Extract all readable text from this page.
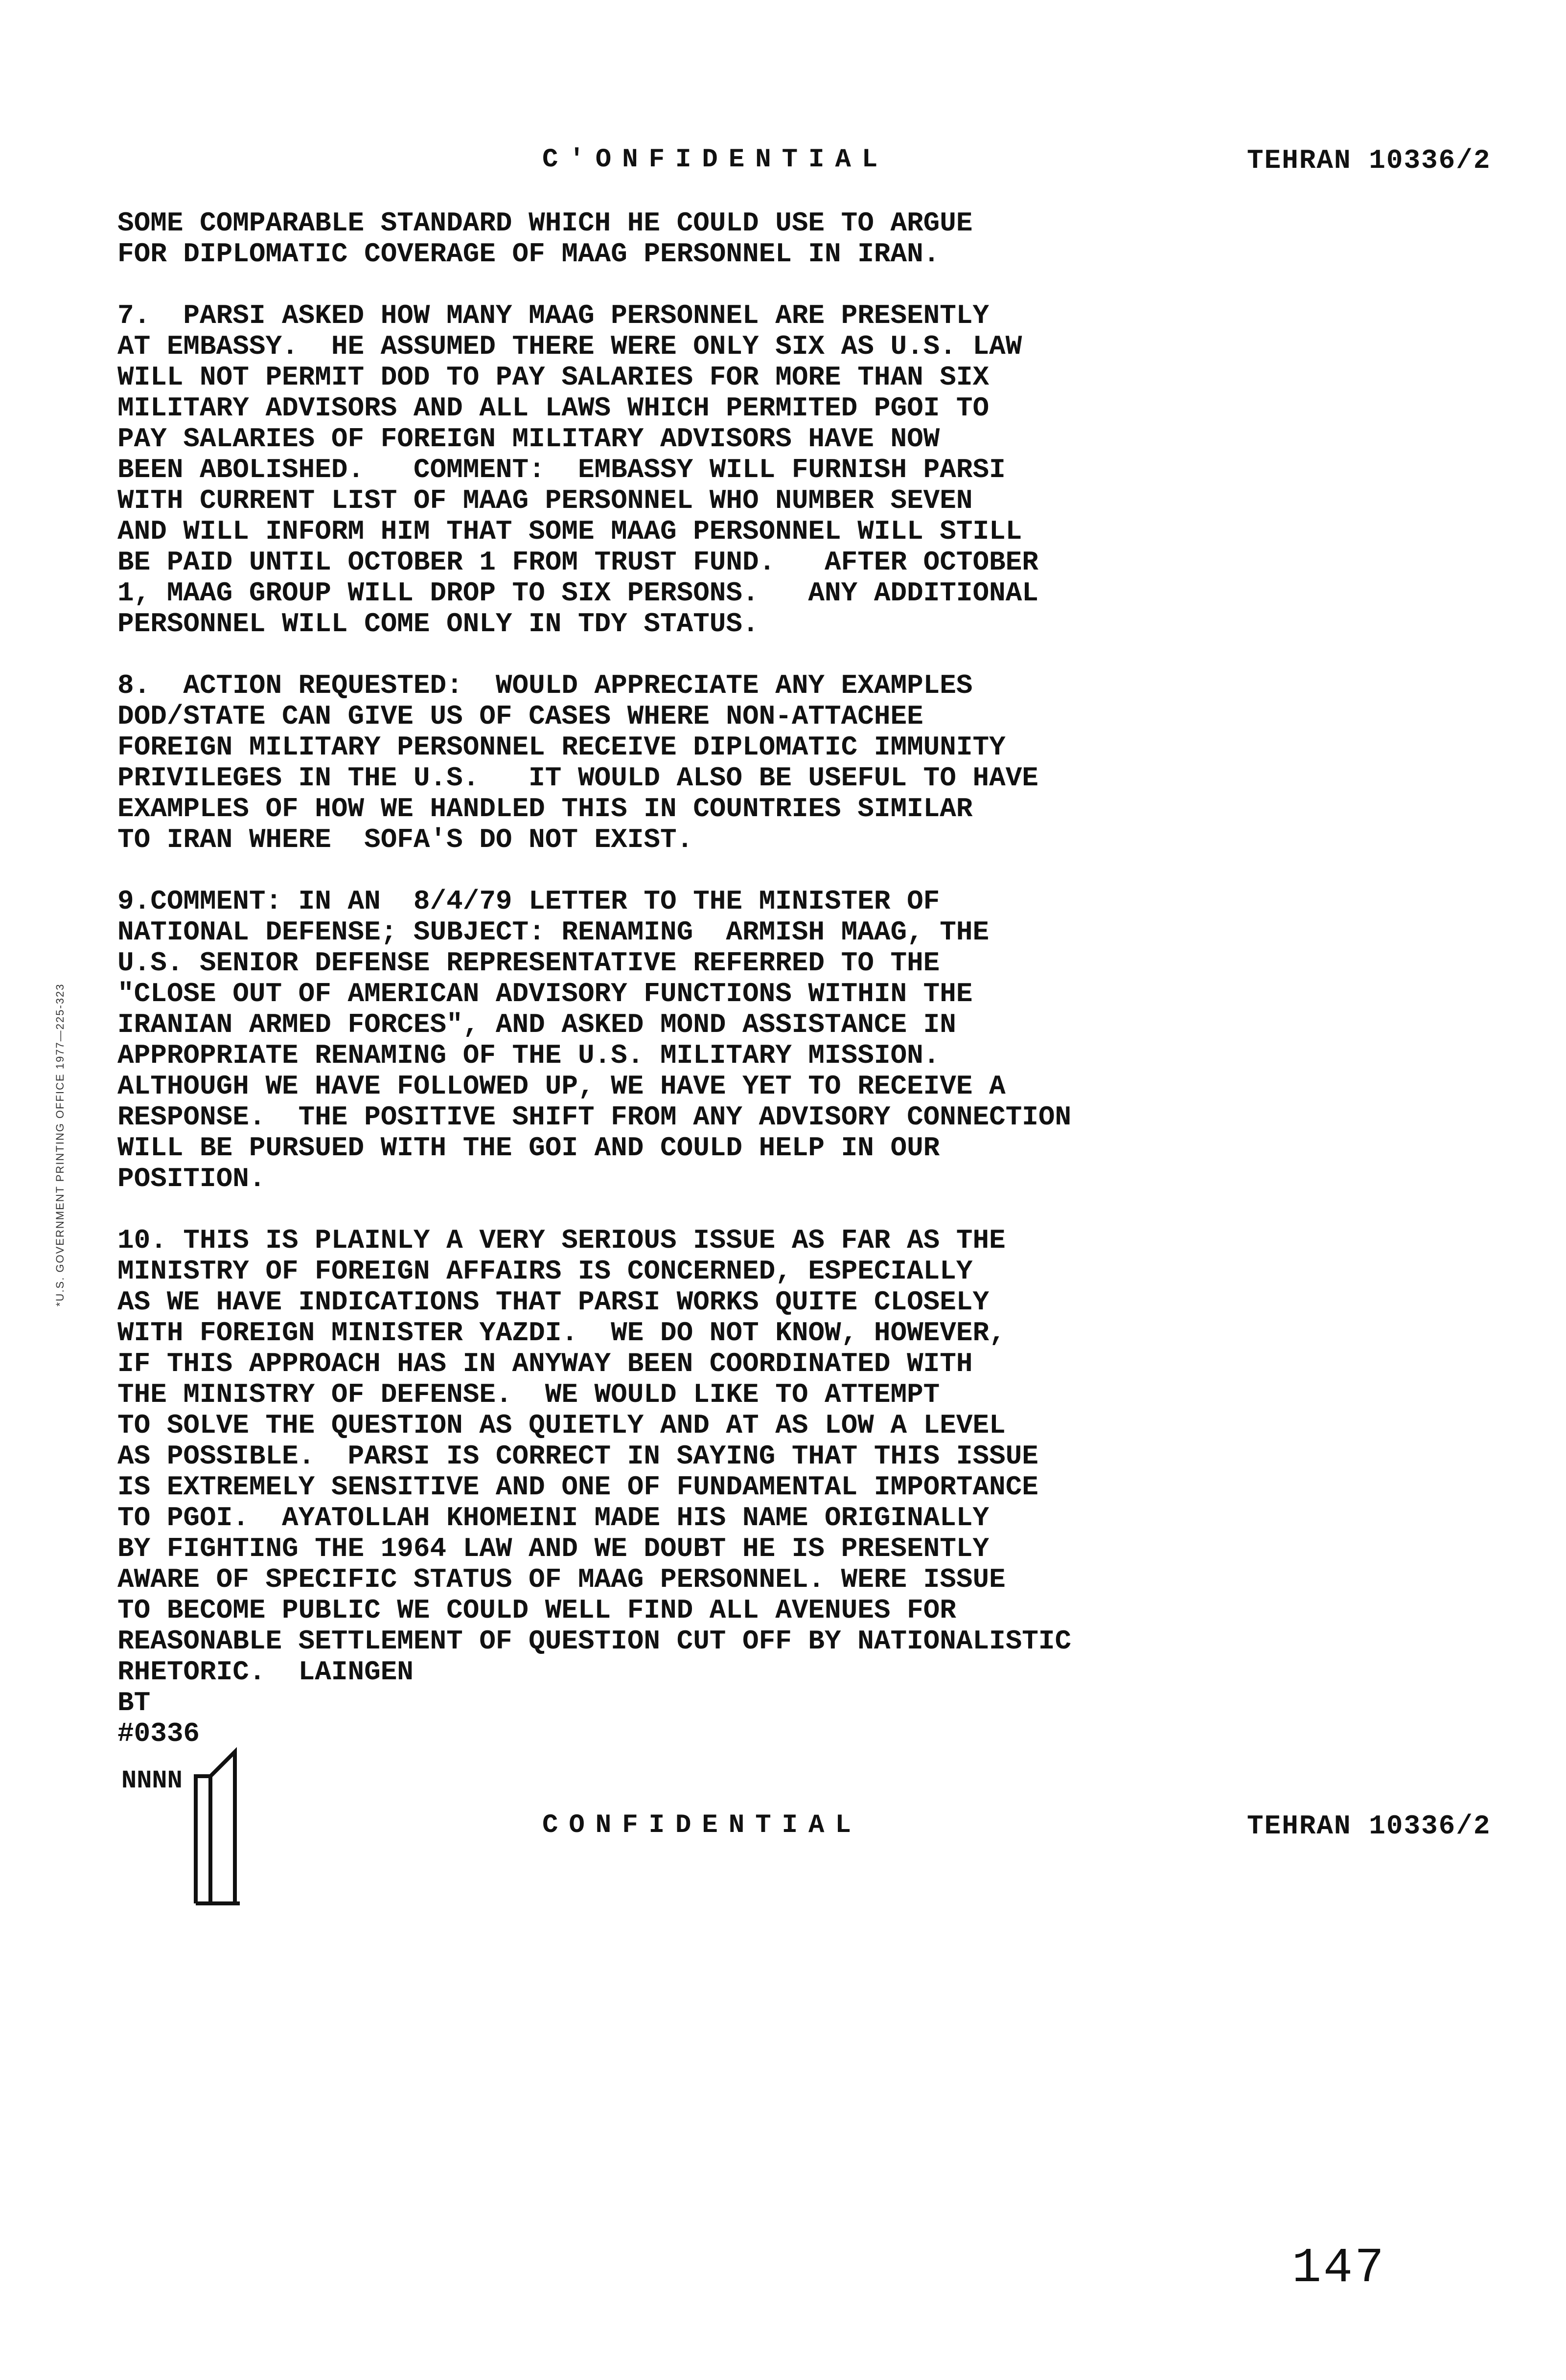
C'ONFIDENTIAL	TEHRAN 10336/2
SOME COMPARABLE STANDARD WHICH HE COULD USE TO ARGUE
FOR DIPLOMATIC COVERAGE OF MAAG PERSONNEL IN IRAN.
7.  PARSI ASKED HOW MANY MAAG PERSONNEL ARE PRESENTLY
AT EMBASSY.  HE ASSUMED THERE WERE ONLY SIX AS U.S. LAW
WILL NOT PERMIT DOD TO PAY SALARIES FOR MORE THAN SIX
MILITARY ADVISORS AND ALL LAWS WHICH PERMITED PGOI TO
PAY SALARIES OF FOREIGN MILITARY ADVISORS HAVE NOW
BEEN ABOLISHED.   COMMENT:  EMBASSY WILL FURNISH PARSI
WITH CURRENT LIST OF MAAG PERSONNEL WHO NUMBER SEVEN
AND WILL INFORM HIM THAT SOME MAAG PERSONNEL WILL STILL
BE PAID UNTIL OCTOBER 1 FROM TRUST FUND.   AFTER OCTOBER
1, MAAG GROUP WILL DROP TO SIX PERSONS.   ANY ADDITIONAL
PERSONNEL WILL COME ONLY IN TDY STATUS.
8.  ACTION REQUESTED:  WOULD APPRECIATE ANY EXAMPLES
DOD/STATE CAN GIVE US OF CASES WHERE NON-ATTACHEE
FOREIGN MILITARY PERSONNEL RECEIVE DIPLOMATIC IMMUNITY
PRIVILEGES IN THE U.S.   IT WOULD ALSO BE USEFUL TO HAVE
EXAMPLES OF HOW WE HANDLED THIS IN COUNTRIES SIMILAR
TO IRAN WHERE  SOFA'S DO NOT EXIST.
9.COMMENT: IN AN  8/4/79 LETTER TO THE MINISTER OF
NATIONAL DEFENSE; SUBJECT: RENAMING  ARMISH MAAG, THE
U.S. SENIOR DEFENSE REPRESENTATIVE REFERRED TO THE
"CLOSE OUT OF AMERICAN ADVISORY FUNCTIONS WITHIN THE
IRANIAN ARMED FORCES", AND ASKED MOND ASSISTANCE IN
APPROPRIATE RENAMING OF THE U.S. MILITARY MISSION.
ALTHOUGH WE HAVE FOLLOWED UP, WE HAVE YET TO RECEIVE A
RESPONSE.  THE POSITIVE SHIFT FROM ANY ADVISORY CONNECTION
WILL BE PURSUED WITH THE GOI AND COULD HELP IN OUR
POSITION.
10. THIS IS PLAINLY A VERY SERIOUS ISSUE AS FAR AS THE
MINISTRY OF FOREIGN AFFAIRS IS CONCERNED, ESPECIALLY
AS WE HAVE INDICATIONS THAT PARSI WORKS QUITE CLOSELY
WITH FOREIGN MINISTER YAZDI.  WE DO NOT KNOW, HOWEVER,
IF THIS APPROACH HAS IN ANYWAY BEEN COORDINATED WITH
THE MINISTRY OF DEFENSE.  WE WOULD LIKE TO ATTEMPT
TO SOLVE THE QUESTION AS QUIETLY AND AT AS LOW A LEVEL
AS POSSIBLE.  PARSI IS CORRECT IN SAYING THAT THIS ISSUE
IS EXTREMELY SENSITIVE AND ONE OF FUNDAMENTAL IMPORTANCE
TO PGOI.  AYATOLLAH KHOMEINI MADE HIS NAME ORIGINALLY
BY FIGHTING THE 1964 LAW AND WE DOUBT HE IS PRESENTLY
AWARE OF SPECIFIC STATUS OF MAAG PERSONNEL. WERE ISSUE
TO BECOME PUBLIC WE COULD WELL FIND ALL AVENUES FOR
REASONABLE SETTLEMENT OF QUESTION CUT OFF BY NATIONALISTIC
RHETORIC.  LAINGEN
BT
#0336
*U.S. GOVERNMENT PRINTING OFFICE 1977—225-323
NNNN
CONFIDENTIAL	TEHRAN 10336/2
147
